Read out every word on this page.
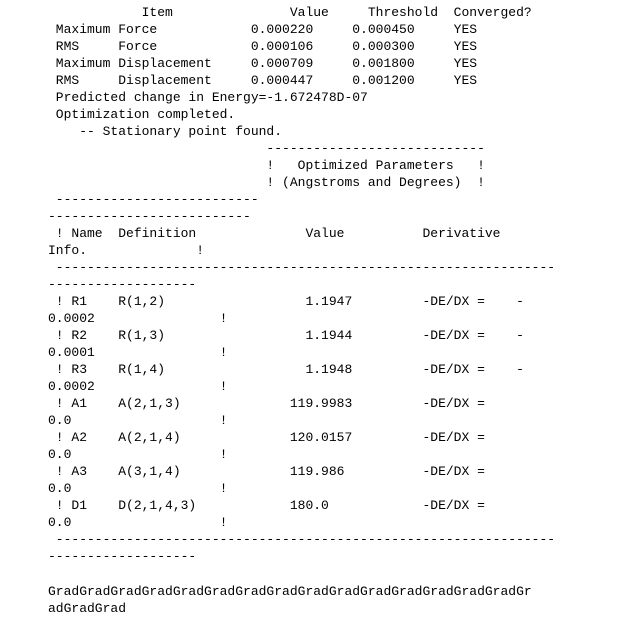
Item               Value     Threshold  Converged?
Maximum Force            0.000220     0.000450     YES
RMS     Force            0.000106     0.000300     YES
Maximum Displacement     0.000709     0.001800     YES
RMS     Displacement     0.000447     0.001200     YES
Predicted change in Energy=-1.672478D-07
Optimization completed.
-- Stationary point found.
----------------------------
!   Optimized Parameters   !
! (Angstroms and Degrees)  !
--------------------------
--------------------------
! Name  Definition              Value          Derivative
Info.              !
----------------------------------------------------------------
-------------------
! R1    R(1,2)                  1.1947         -DE/DX =    -
0.0002                !
! R2    R(1,3)                  1.1944         -DE/DX =    -
0.0001                !
! R3    R(1,4)                  1.1948         -DE/DX =    -
0.0002                !
! A1    A(2,1,3)              119.9983         -DE/DX =
0.0                   !
! A2    A(2,1,4)              120.0157         -DE/DX =
0.0                   !
! A3    A(3,1,4)              119.986          -DE/DX =
0.0                   !
! D1    D(2,1,4,3)            180.0            -DE/DX =
0.0                   !
----------------------------------------------------------------
-------------------
GradGradGradGradGradGradGradGradGradGradGradGradGradGradGradGr
adGradGrad
